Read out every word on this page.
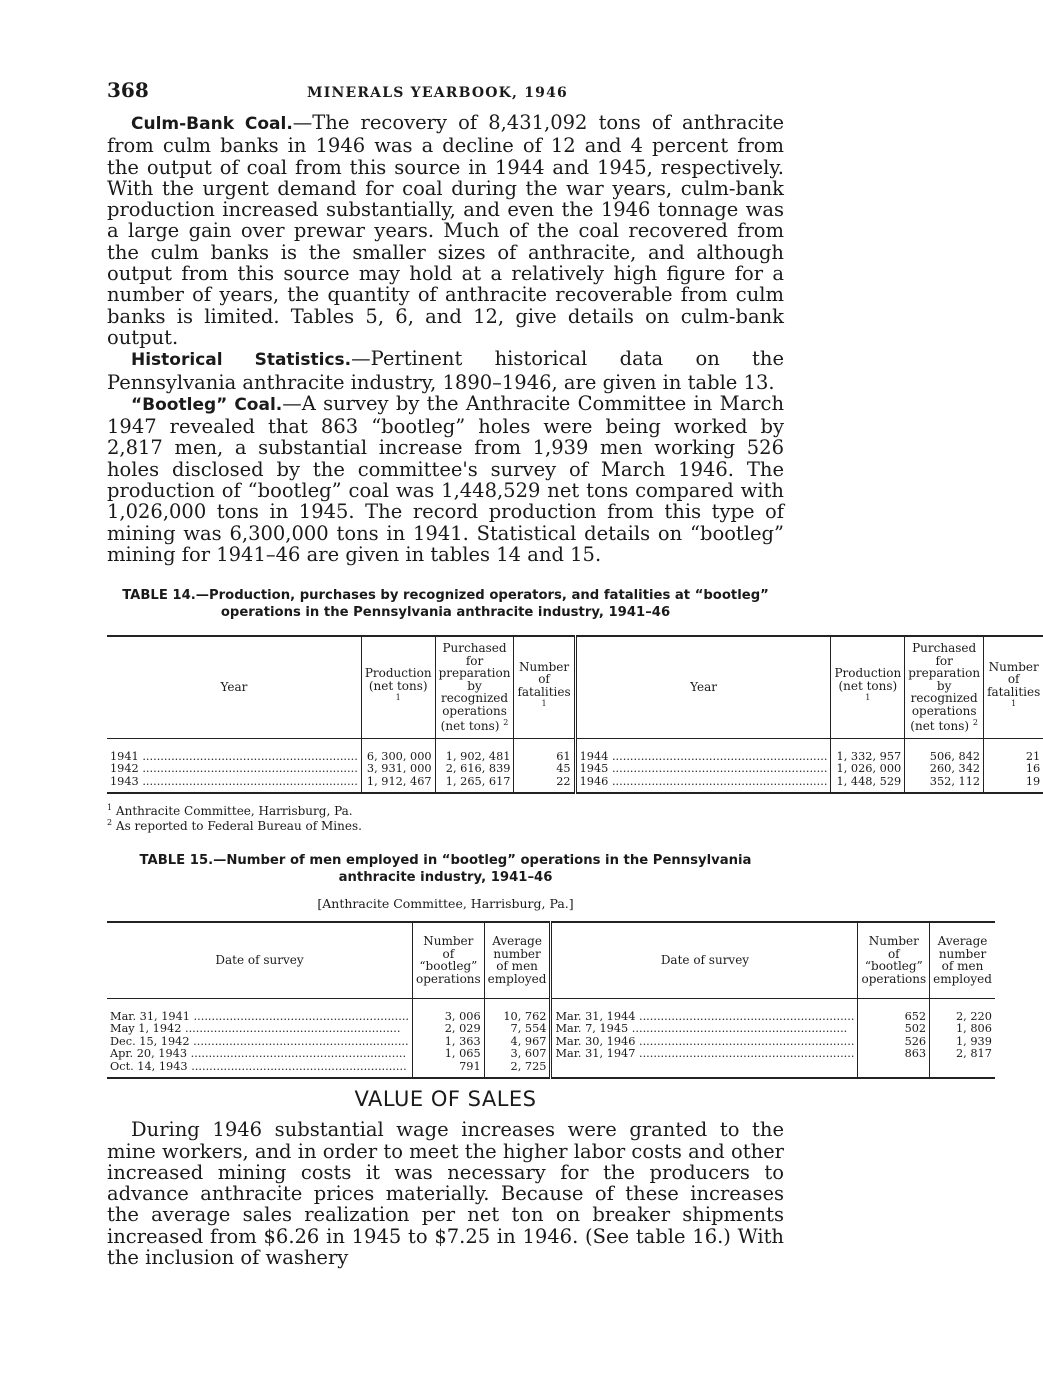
368	MINERALS YEARBOOK, 1946

Culm-Bank Coal.—The recovery of 8,431,092 tons of anthracite from culm banks in 1946 was a decline of 12 and 4 percent from the output of coal from this source in 1944 and 1945, respectively. With the urgent demand for coal during the war years, culm-bank production increased substantially, and even the 1946 tonnage was a large gain over prewar years. Much of the coal recovered from the culm banks is the smaller sizes of anthracite, and although output from this source may hold at a relatively high figure for a number of years, the quantity of anthracite recoverable from culm banks is limited. Tables 5, 6, and 12, give details on culm-bank output.

Historical Statistics.—Pertinent historical data on the Pennsylvania anthracite industry, 1890–1946, are given in table 13.

“Bootleg” Coal.—A survey by the Anthracite Committee in March 1947 revealed that 863 “bootleg” holes were being worked by 2,817 men, a substantial increase from 1,939 men working 526 holes disclosed by the committee's survey of March 1946. The production of “bootleg” coal was 1,448,529 net tons compared with 1,026,000 tons in 1945. The record production from this type of mining was 6,300,000 tons in 1941. Statistical details on “bootleg” mining for 1941–46 are given in tables 14 and 15.

TABLE 14.—Production, purchases by recognized operators, and fatalities at “bootleg” operations in the Pennsylvania anthracite industry, 1941–46
Year	Production (net tons) $^1$	Purchased for preparation by recognized operations (net tons) $^2$	Number of fatalities $^1$	Year	Production (net tons) $^1$	Purchased for preparation by recognized operations (net tons) $^2$	Number of fatalities $^1$
1941 .....	6, 300, 000	1, 902, 481	61	1944 .....	1, 332, 957	506, 842	21
1942 .....	3, 931, 000	2, 616, 839	45	1945 .....	1, 026, 000	260, 342	16
1943 .....	1, 912, 467	1, 265, 617	22	1946 .....	1, 448, 529	352, 112	19
$^1$ Anthracite Committee, Harrisburg, Pa.
$^2$ As reported to Federal Bureau of Mines.
TABLE 15.—Number of men employed in “bootleg” operations in the Pennsylvania anthracite industry, 1941–46
[Anthracite Committee, Harrisburg, Pa.]
Date of survey	Number of “bootleg” operations	Average number of men employed	Date of survey	Number of “bootleg” operations	Average number of men employed
Mar. 31, 1941 .....	3, 006	10, 762	Mar. 31, 1944 .....	652	2, 220
May 1, 1942 .....	2, 029	7, 554	Mar. 7, 1945 .....	502	1, 806
Dec. 15, 1942 .....	1, 363	4, 967	Mar. 30, 1946 .....	526	1, 939
Apr. 20, 1943 .....	1, 065	3, 607	Mar. 31, 1947 .....	863	2, 817
Oct. 14, 1943 .....	791	2, 725			
VALUE OF SALES

During 1946 substantial wage increases were granted to the mine workers, and in order to meet the higher labor costs and other increased mining costs it was necessary for the producers to advance anthracite prices materially. Because of these increases the average sales realization per net ton on breaker shipments increased from $6.26 in 1945 to $7.25 in 1946. (See table 16.) With the inclusion of washery
